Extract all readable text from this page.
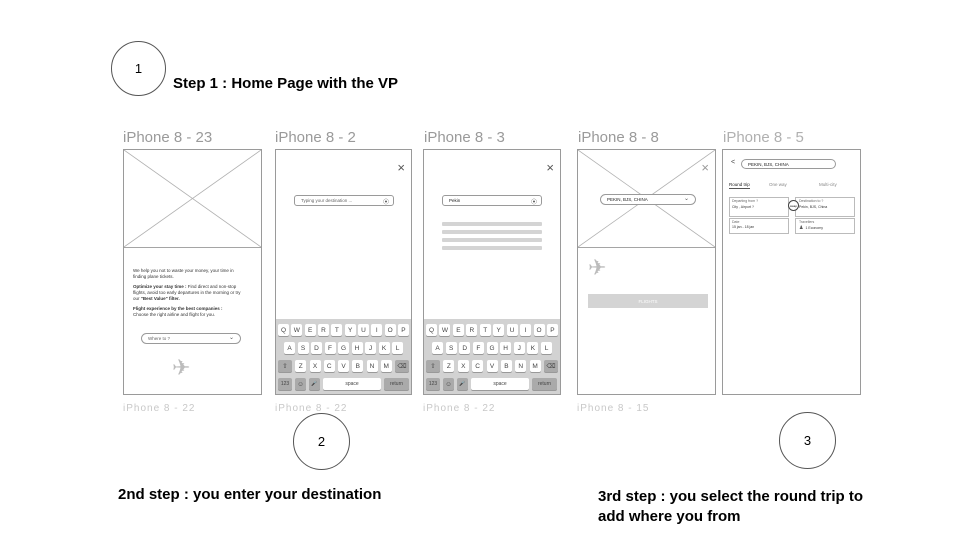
1
Step 1 : Home Page with the VP
iPhone 8 - 23	iPhone 8 - 2	iPhone 8 - 3	iPhone 8 - 8	iPhone 8 - 5
We help you not to waste your money, your time in
finding plane tickets.
Optimize your stay time : Find direct and non-stop
flights, avoid too early departures in the morning or try
our "Best Value" filter.
Flight experience by the best companies :
Choose the right airline and flight for you.
Where to ?	⌄
✈
iPhone 8 - 22
×
Typing your destination ...	⦿
Q	W	E	R	T	Y	U	I	O	P
A	S	D	F	G	H	J	K	L
⇧	Z	X	C	V	B	N	M	⌫
123	☺	🎤	space	return
iPhone 8 - 22
×
Pekin	⦿
Q	W	E	R	T	Y	U	I	O	P
A	S	D	F	G	H	J	K	L
⇧	Z	X	C	V	B	N	M	⌫
123	☺	🎤	space	return
iPhone 8 - 22
×
PEKIN, BJS, CHINA	⌄
✈
FLIGHTS
iPhone 8 - 15
<	PEKIN, BJS, CHINA
Round trip	One way	Multi-city
Departing from ?
City , Airport ?	swap
Destination to ?
Pekin, BJS, China
Date
15 jan - 18 jan
Travellers
♟ 1 Economy
2
2nd step : you enter your destination
3
3rd step : you select the round trip to
add where you from
